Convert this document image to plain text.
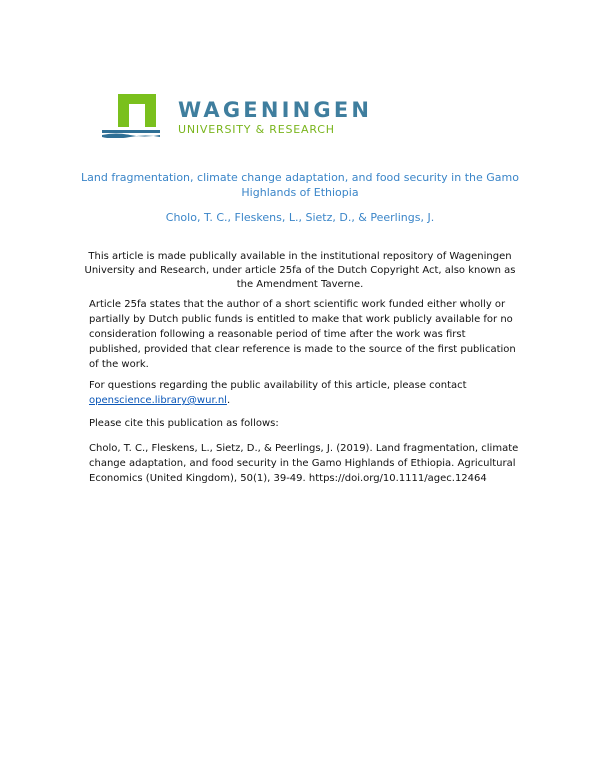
WAGENINGEN
UNIVERSITY & RESEARCH
Land fragmentation, climate change adaptation, and food security in the Gamo Highlands of Ethiopia
Cholo, T. C., Fleskens, L., Sietz, D., & Peerlings, J.
This article is made publically available in the institutional repository of Wageningen University and Research, under article 25fa of the Dutch Copyright Act, also known as the Amendment Taverne.
Article 25fa states that the author of a short scientific work funded either wholly or partially by Dutch public funds is entitled to make that work publicly available for no consideration following a reasonable period of time after the work was first published, provided that clear reference is made to the source of the first publication of the work.
For questions regarding the public availability of this article, please contact openscience.library@wur.nl.
Please cite this publication as follows:
Cholo, T. C., Fleskens, L., Sietz, D., & Peerlings, J. (2019). Land fragmentation, climate change adaptation, and food security in the Gamo Highlands of Ethiopia. Agricultural Economics (United Kingdom), 50(1), 39-49. https://doi.org/10.1111/agec.12464
